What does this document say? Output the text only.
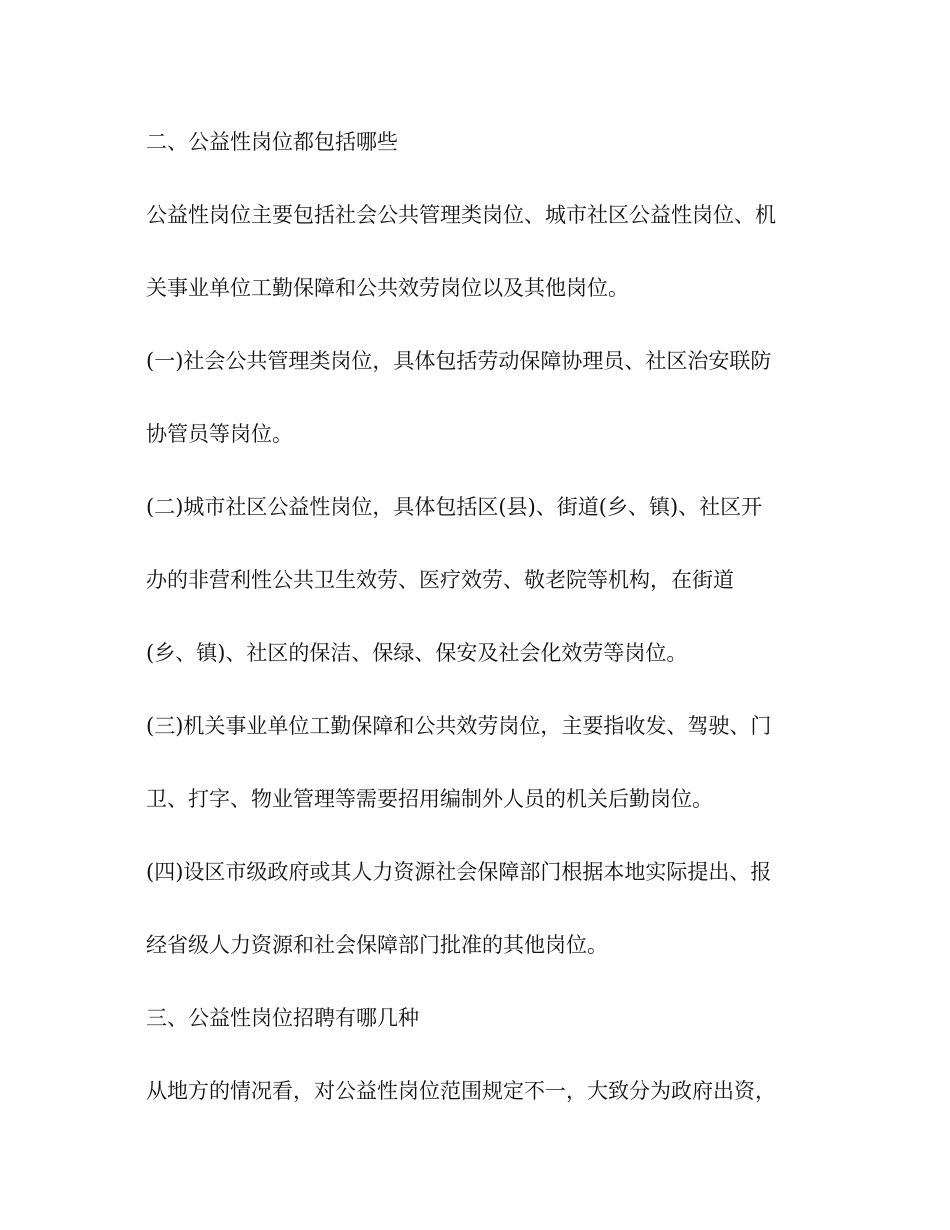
二、公益性岗位都包括哪些

公益性岗位主要包括社会公共管理类岗位、城市社区公益性岗位、机

关事业单位工勤保障和公共效劳岗位以及其他岗位。

(一)社会公共管理类岗位，具体包括劳动保障协理员、社区治安联防

协管员等岗位。

(二)城市社区公益性岗位，具体包括区(县)、街道(乡、镇)、社区开

办的非营利性公共卫生效劳、医疗效劳、敬老院等机构，在街道

(乡、镇)、社区的保洁、保绿、保安及社会化效劳等岗位。

(三)机关事业单位工勤保障和公共效劳岗位，主要指收发、驾驶、门

卫、打字、物业管理等需要招用编制外人员的机关后勤岗位。

(四)设区市级政府或其人力资源社会保障部门根据本地实际提出、报

经省级人力资源和社会保障部门批准的其他岗位。

三、公益性岗位招聘有哪几种

从地方的情况看，对公益性岗位范围规定不一，大致分为政府出资，
